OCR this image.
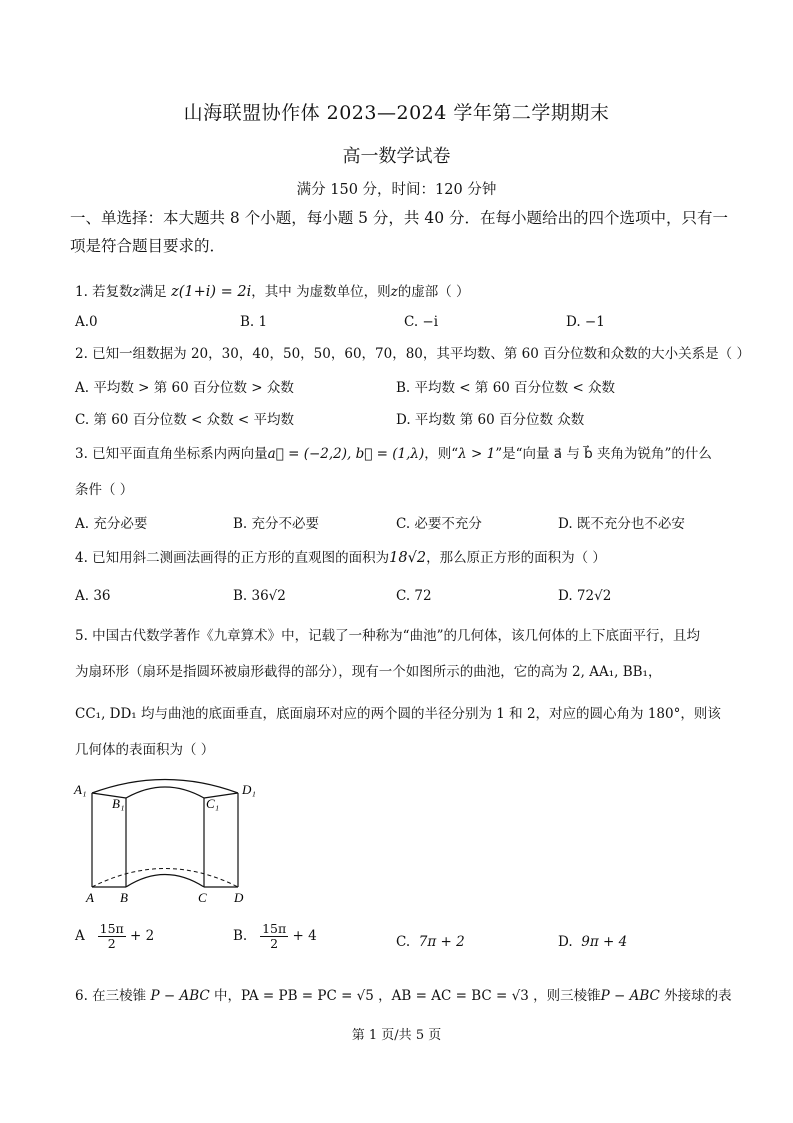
山海联盟协作体 2023—2024 学年第二学期期末
高一数学试卷
满分 150 分，时间：120 分钟
一、单选择：本大题共 8 个小题，每小题 5 分，共 40 分．在每小题给出的四个选项中，只有一项是符合题目要求的．
1. 若复数z满足 z(1+i) = 2i，其中 为虚数单位，则z的虚部（ ）
A.0	B. 1	C. −i	D. −1
2. 已知一组数据为 20，30，40，50，50，60，70，80，其平均数、第 60 百分位数和众数的大小关系是（ ）
A. 平均数 > 第 60 百分位数 > 众数	B. 平均数 < 第 60 百分位数 < 众数
C. 第 60 百分位数 < 众数 < 平均数	D. 平均数 第 60 百分位数 众数
3. 已知平面直角坐标系内两向量a⃗ = (−2,2), b⃗ = (1,λ)，则“λ > 1”是“向量 a⃗ 与 b⃗ 夹角为锐角”的什么
条件（ ）
A. 充分必要	B. 充分不必要	C. 必要不充分	D. 既不充分也不必安
4. 已知用斜二测画法画得的正方形的直观图的面积为18√2，那么原正方形的面积为（ ）
A. 36	B. 36√2	C. 72	D. 72√2
5. 中国古代数学著作《九章算术》中，记载了一种称为“曲池”的几何体，该几何体的上下底面平行，且均
为扇环形（扇环是指圆环被扇形截得的部分），现有一个如图所示的曲池，它的高为 2, AA₁, BB₁，
CC₁, DD₁ 均与曲池的底面垂直，底面扇环对应的两个圆的半径分别为 1 和 2，对应的圆心角为 180°，则该
几何体的表面积为（ ）
A₁
B₁	C₁
D₁
A B	C D
A $\frac{15\pi}{2} + 2$	B. $\frac{15\pi}{2} + 4$	C. 7π + 2	D. 9π + 4
6. 在三棱锥 P − ABC 中，PA = PB = PC = √5 ，AB = AC = BC = √3 ，则三棱锥P − ABC 外接球的表
第 1 页/共 5 页
